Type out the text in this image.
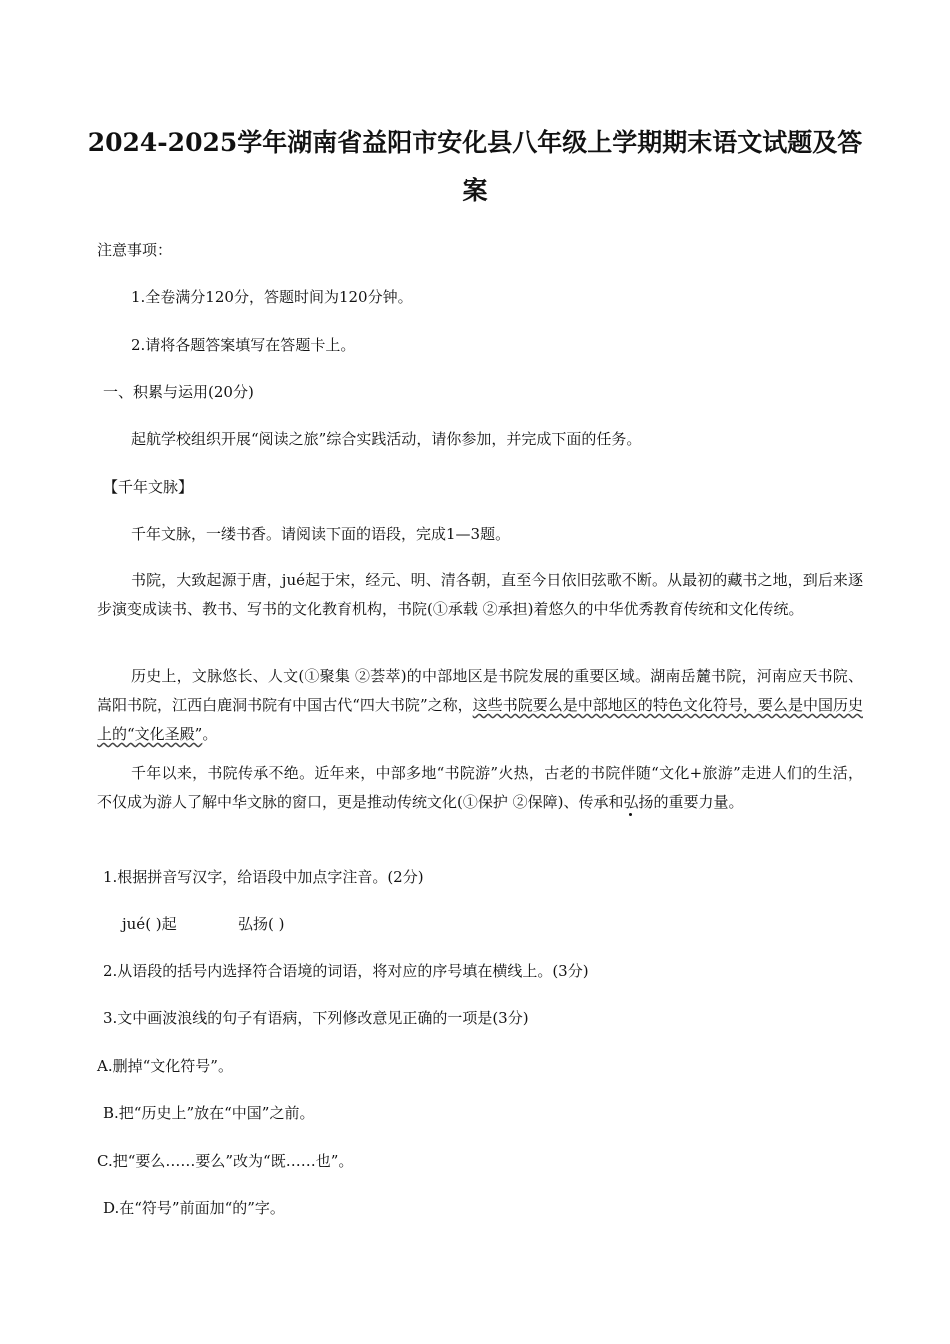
2024-2025学年湖南省益阳市安化县八年级上学期期末语文试题及答
案

注意事项：

1.全卷满分120分，答题时间为120分钟。

2.请将各题答案填写在答题卡上。

一、积累与运用(20分)

起航学校组织开展“阅读之旅”综合实践活动，请你参加，并完成下面的任务。

【千年文脉】

千年文脉，一缕书香。请阅读下面的语段，完成1—3题。

书院，大致起源于唐，jué起于宋，经元、明、清各朝，直至今日依旧弦歌不断。从最初的藏书之地，到后来逐步演变成读书、教书、写书的文化教育机构，书院(①承载 ②承担)着悠久的中华优秀教育传统和文化传统。

历史上，文脉悠长、人文(①聚集 ②荟萃)的中部地区是书院发展的重要区域。湖南岳麓书院，河南应天书院、嵩阳书院，江西白鹿洞书院有中国古代“四大书院”之称，这些书院要么是中部地区的特色文化符号，要么是中国历史上的“文化圣殿”。

千年以来，书院传承不绝。近年来，中部多地“书院游”火热，古老的书院伴随“文化+旅游”走进人们的生活，不仅成为游人了解中华文脉的窗口，更是推动传统文化(①保护 ②保障)、传承和弘扬的重要力量。

1.根据拼音写汉字，给语段中加点字注音。(2分)

jué( )起	弘扬( )

2.从语段的括号内选择符合语境的词语，将对应的序号填在横线上。(3分)

3.文中画波浪线的句子有语病，下列修改意见正确的一项是(3分)

A.删掉“文化符号”。

B.把“历史上”放在“中国”之前。

C.把“要么……要么”改为“既……也”。

D.在“符号”前面加“的”字。
